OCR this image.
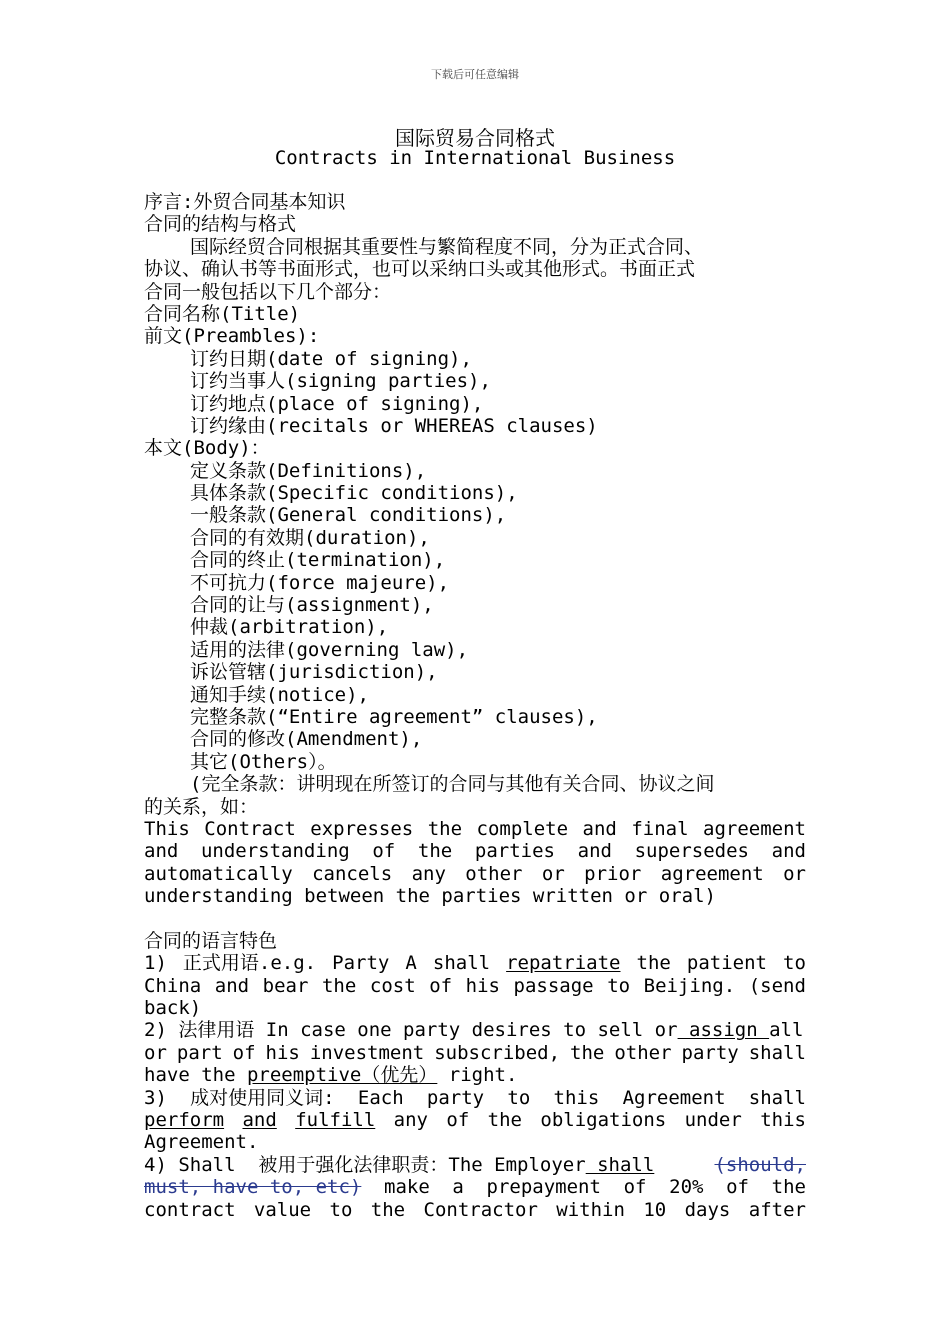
下载后可任意编辑
国际贸易合同格式
Contracts in International Business
序言:外贸合同基本知识
合同的结构与格式
国际经贸合同根据其重要性与繁简程度不同，分为正式合同、
协议、确认书等书面形式，也可以采纳口头或其他形式。书面正式
合同一般包括以下几个部分：
合同名称(Title)
前文(Preambles):
订约日期(date of signing),
订约当事人(signing parties),
订约地点(place of signing),
订约缘由(recitals or WHEREAS clauses)
本文(Body)：
定义条款(Definitions),
具体条款(Specific conditions),
一般条款(General conditions),
合同的有效期(duration),
合同的终止(termination),
不可抗力(force majeure),
合同的让与(assignment),
仲裁(arbitration),
适用的法律(governing law),
诉讼管辖(jurisdiction),
通知手续(notice),
完整条款(“Entire agreement” clauses),
合同的修改(Amendment),
其它(Others）。
(完全条款：讲明现在所签订的合同与其他有关合同、协议之间
的关系，如：
This Contract expresses the complete and final agreement
and understanding of the parties and supersedes and
automatically cancels any other or prior agreement or
understanding between the parties written or oral)
合同的语言特色
1) 正式用语.e.g. Party A shall repatriate the patient to
China and bear the cost of his passage to Beijing. (send
back)
2) 法律用语 In case one party desires to sell or assign all
or part of his investment subscribed, the other party shall
have the preemptive（优先） right.
3) 成对使用同义词: Each party to this Agreement shall
perform and fulfill any of the obligations under this
Agreement.
4) Shall  被用于强化法律职责：The Employer shall	(should,
must, have to, etc) make a prepayment of 20% of the
contract value to the Contractor within 10 days after
